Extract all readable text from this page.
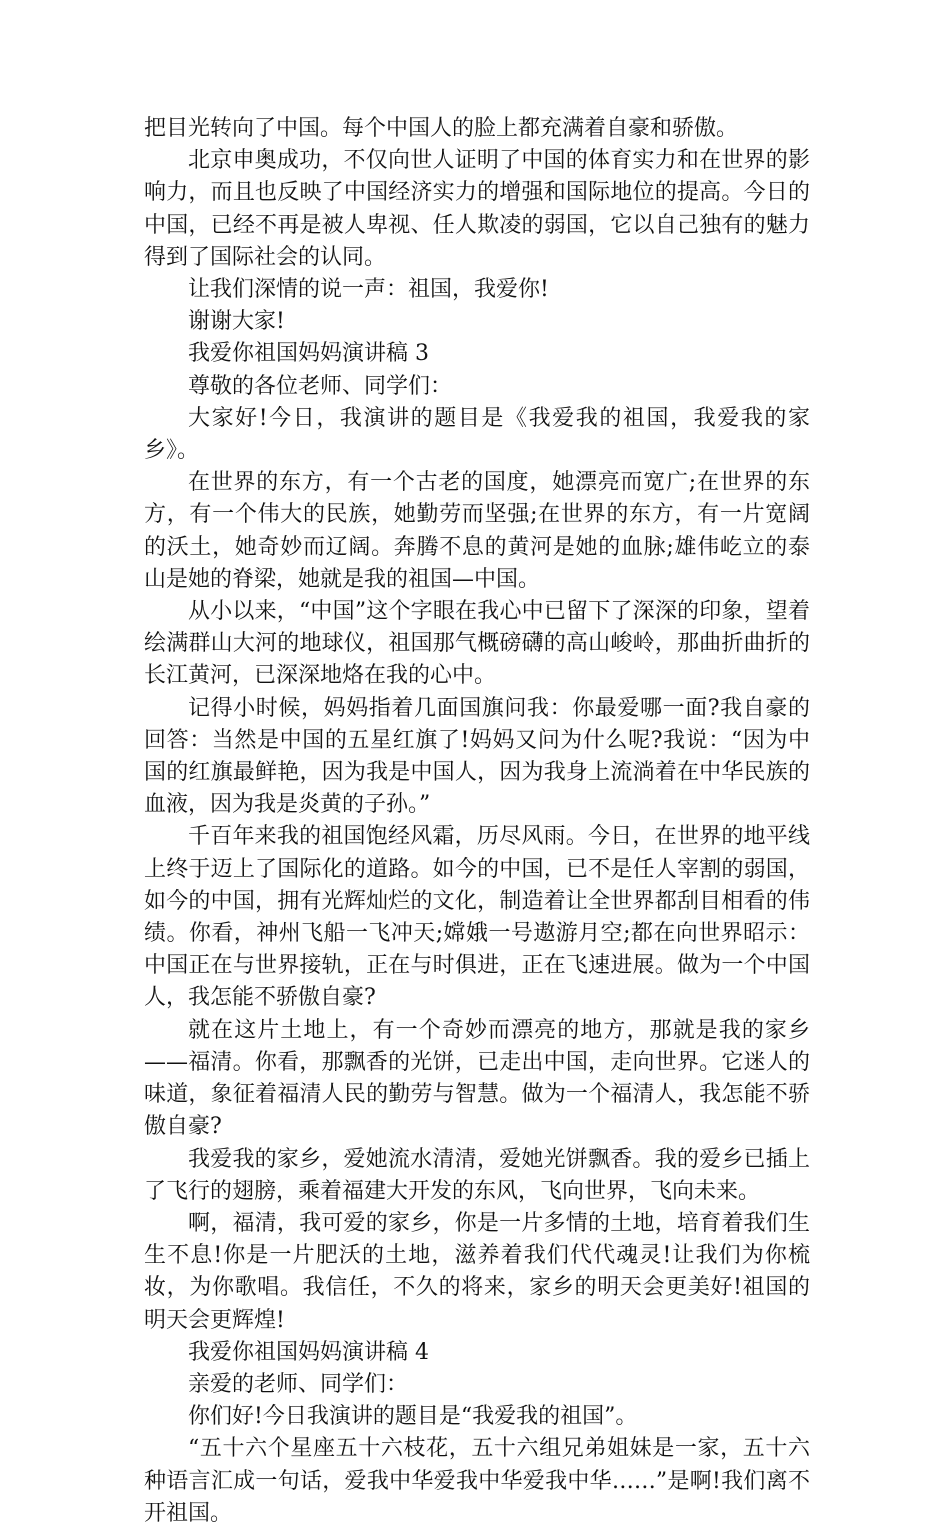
把目光转向了中国。每个中国人的脸上都充满着自豪和骄傲。

北京申奥成功，不仅向世人证明了中国的体育实力和在世界的影响力，而且也反映了中国经济实力的增强和国际地位的提高。今日的中国，已经不再是被人卑视、任人欺凌的弱国，它以自己独有的魅力得到了国际社会的认同。

让我们深情的说一声：祖国，我爱你!

谢谢大家!

我爱你祖国妈妈演讲稿 3

尊敬的各位老师、同学们：

大家好!今日，我演讲的题目是《我爱我的祖国，我爱我的家乡》。

在世界的东方，有一个古老的国度，她漂亮而宽广;在世界的东方，有一个伟大的民族，她勤劳而坚强;在世界的东方，有一片宽阔的沃土，她奇妙而辽阔。奔腾不息的黄河是她的血脉;雄伟屹立的泰山是她的脊梁，她就是我的祖国—中国。

从小以来，“中国”这个字眼在我心中已留下了深深的印象，望着绘满群山大河的地球仪，祖国那气概磅礴的高山峻岭，那曲折曲折的长江黄河，已深深地烙在我的心中。

记得小时候，妈妈指着几面国旗问我：你最爱哪一面?我自豪的回答：当然是中国的五星红旗了!妈妈又问为什么呢?我说：“因为中国的红旗最鲜艳，因为我是中国人，因为我身上流淌着在中华民族的血液，因为我是炎黄的子孙。”

千百年来我的祖国饱经风霜，历尽风雨。今日，在世界的地平线上终于迈上了国际化的道路。如今的中国，已不是任人宰割的弱国，如今的中国，拥有光辉灿烂的文化，制造着让全世界都刮目相看的伟绩。你看，神州飞船一飞冲天;嫦娥一号遨游月空;都在向世界昭示：中国正在与世界接轨，正在与时俱进，正在飞速进展。做为一个中国人，我怎能不骄傲自豪?

就在这片土地上，有一个奇妙而漂亮的地方，那就是我的家乡——福清。你看，那飘香的光饼，已走出中国，走向世界。它迷人的味道，象征着福清人民的勤劳与智慧。做为一个福清人，我怎能不骄傲自豪?

我爱我的家乡，爱她流水清清，爱她光饼飘香。我的爱乡已插上了飞行的翅膀，乘着福建大开发的东风，飞向世界，飞向未来。

啊，福清，我可爱的家乡，你是一片多情的土地，培育着我们生生不息!你是一片肥沃的土地，滋养着我们代代魂灵!让我们为你梳妆，为你歌唱。我信任，不久的将来，家乡的明天会更美好!祖国的明天会更辉煌!

我爱你祖国妈妈演讲稿 4

亲爱的老师、同学们：

你们好!今日我演讲的题目是“我爱我的祖国”。

“五十六个星座五十六枝花，五十六组兄弟姐妹是一家，五十六种语言汇成一句话，爱我中华爱我中华爱我中华……”是啊!我们离不开祖国。
